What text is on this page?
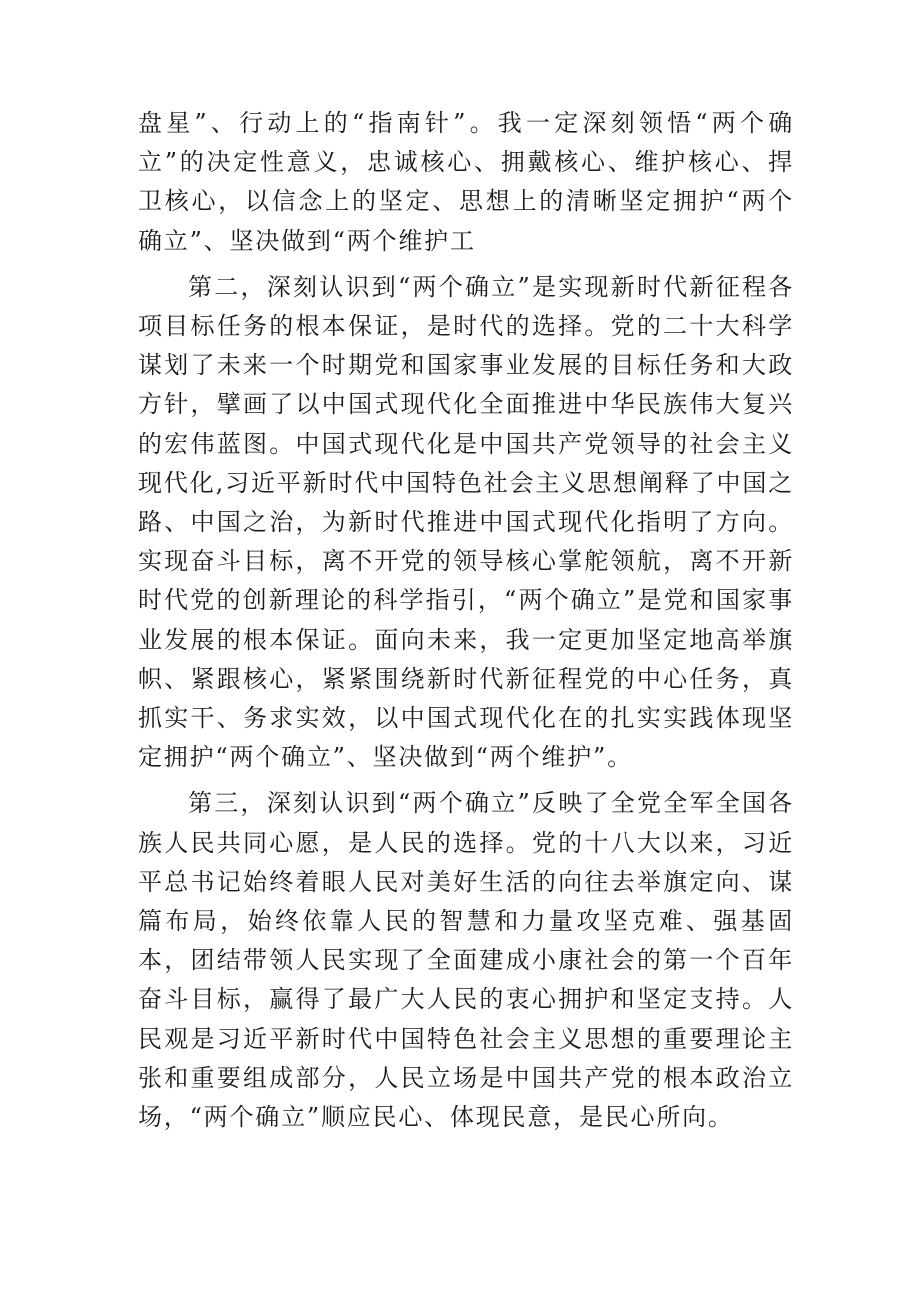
盘星”、行动上的“指南针”。我一定深刻领悟“两个确立”的决定性意义，忠诚核心、拥戴核心、维护核心、捍卫核心，以信念上的坚定、思想上的清晰坚定拥护“两个确立”、坚决做到“两个维护工

第二，深刻认识到“两个确立”是实现新时代新征程各项目标任务的根本保证，是时代的选择。党的二十大科学谋划了未来一个时期党和国家事业发展的目标任务和大政方针，擘画了以中国式现代化全面推进中华民族伟大复兴的宏伟蓝图。中国式现代化是中国共产党领导的社会主义现代化,习近平新时代中国特色社会主义思想阐释了中国之路、中国之治，为新时代推进中国式现代化指明了方向。实现奋斗目标，离不开党的领导核心掌舵领航，离不开新时代党的创新理论的科学指引，“两个确立”是党和国家事业发展的根本保证。面向未来，我一定更加坚定地高举旗帜、紧跟核心，紧紧围绕新时代新征程党的中心任务，真抓实干、务求实效，以中国式现代化在的扎实实践体现坚定拥护“两个确立”、坚决做到“两个维护”。

第三，深刻认识到“两个确立”反映了全党全军全国各族人民共同心愿，是人民的选择。党的十八大以来，习近平总书记始终着眼人民对美好生活的向往去举旗定向、谋篇布局，始终依靠人民的智慧和力量攻坚克难、强基固本，团结带领人民实现了全面建成小康社会的第一个百年奋斗目标，赢得了最广大人民的衷心拥护和坚定支持。人民观是习近平新时代中国特色社会主义思想的重要理论主张和重要组成部分，人民立场是中国共产党的根本政治立场，“两个确立”顺应民心、体现民意，是民心所向。
